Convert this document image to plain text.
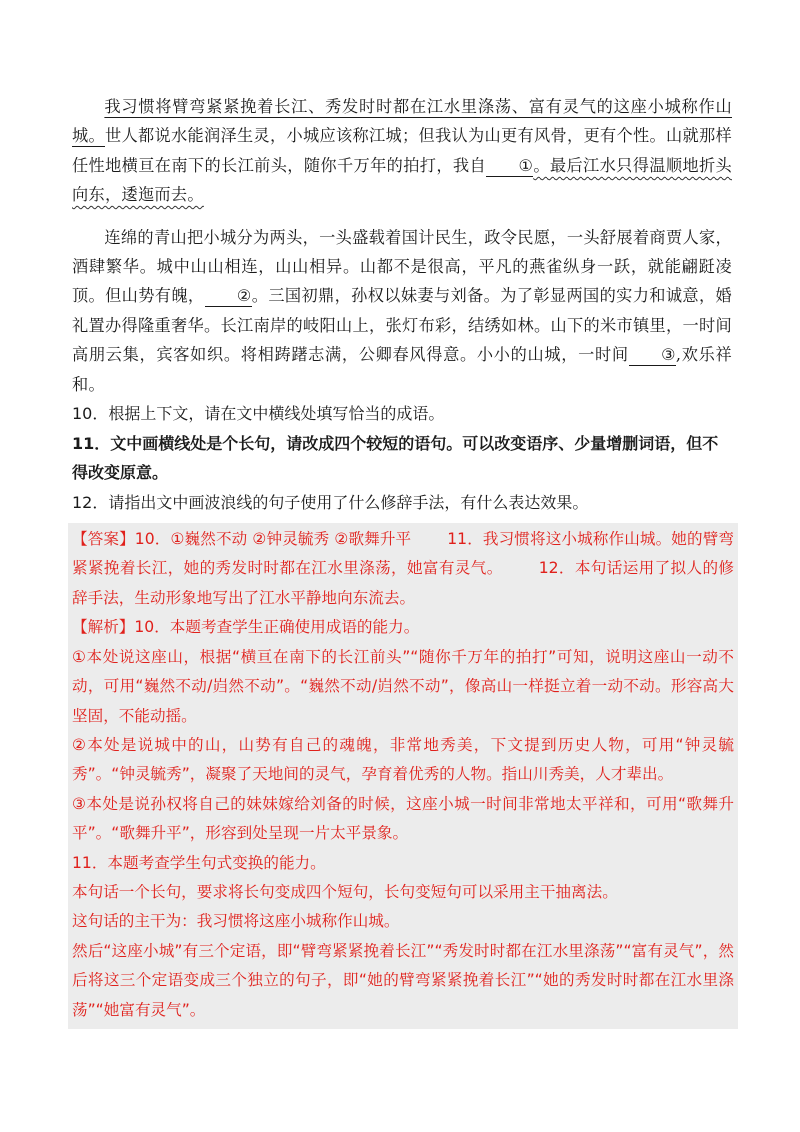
我习惯将臂弯紧紧挽着长江、秀发时时都在江水里涤荡、富有灵气的这座小城称作山城。世人都说水能润泽生灵，小城应该称江城；但我认为山更有风骨，更有个性。山就那样任性地横亘在南下的长江前头，随你千万年的拍打，我自 ①。最后江水只得温顺地折头向东，逶迤而去。

连绵的青山把小城分为两头，一头盛载着国计民生，政令民愿，一头舒展着商贾人家，酒肆繁华。城中山山相连，山山相异。山都不是很高，平凡的燕雀纵身一跃，就能翩跹凌顶。但山势有魄， ②。三国初鼎，孙权以妹妻与刘备。为了彰显两国的实力和诚意，婚礼置办得隆重奢华。长江南岸的岐阳山上，张灯布彩，结绣如林。山下的米市镇里，一时间高朋云集，宾客如织。将相踌躇志满，公卿春风得意。小小的山城，一时间 ③,欢乐祥和。

10．根据上下文，请在文中横线处填写恰当的成语。

11．文中画横线处是个长句，请改成四个较短的语句。可以改变语序、少量增删词语，但不得改变原意。

12．请指出文中画波浪线的句子使用了什么修辞手法，有什么表达效果。

【答案】10．①巍然不动 ②钟灵毓秀 ②歌舞升平 11．我习惯将这小城称作山城。她的臂弯紧紧挽着长江，她的秀发时时都在江水里涤荡，她富有灵气。 12．本句话运用了拟人的修辞手法，生动形象地写出了江水平静地向东流去。

【解析】10．本题考查学生正确使用成语的能力。

①本处说这座山，根据“横亘在南下的长江前头”“随你千万年的拍打”可知，说明这座山一动不动，可用“巍然不动/岿然不动”。“巍然不动/岿然不动”，像高山一样挺立着一动不动。形容高大坚固，不能动摇。

②本处是说城中的山，山势有自己的魂魄，非常地秀美，下文提到历史人物，可用“钟灵毓秀”。“钟灵毓秀”，凝聚了天地间的灵气，孕育着优秀的人物。指山川秀美，人才辈出。

③本处是说孙权将自己的妹妹嫁给刘备的时候，这座小城一时间非常地太平祥和，可用“歌舞升平”。“歌舞升平”，形容到处呈现一片太平景象。

11．本题考查学生句式变换的能力。

本句话一个长句，要求将长句变成四个短句，长句变短句可以采用主干抽离法。

这句话的主干为：我习惯将这座小城称作山城。

然后“这座小城”有三个定语，即“臂弯紧紧挽着长江”“秀发时时都在江水里涤荡”“富有灵气”，然后将这三个定语变成三个独立的句子，即“她的臂弯紧紧挽着长江”“她的秀发时时都在江水里涤荡”“她富有灵气”。
